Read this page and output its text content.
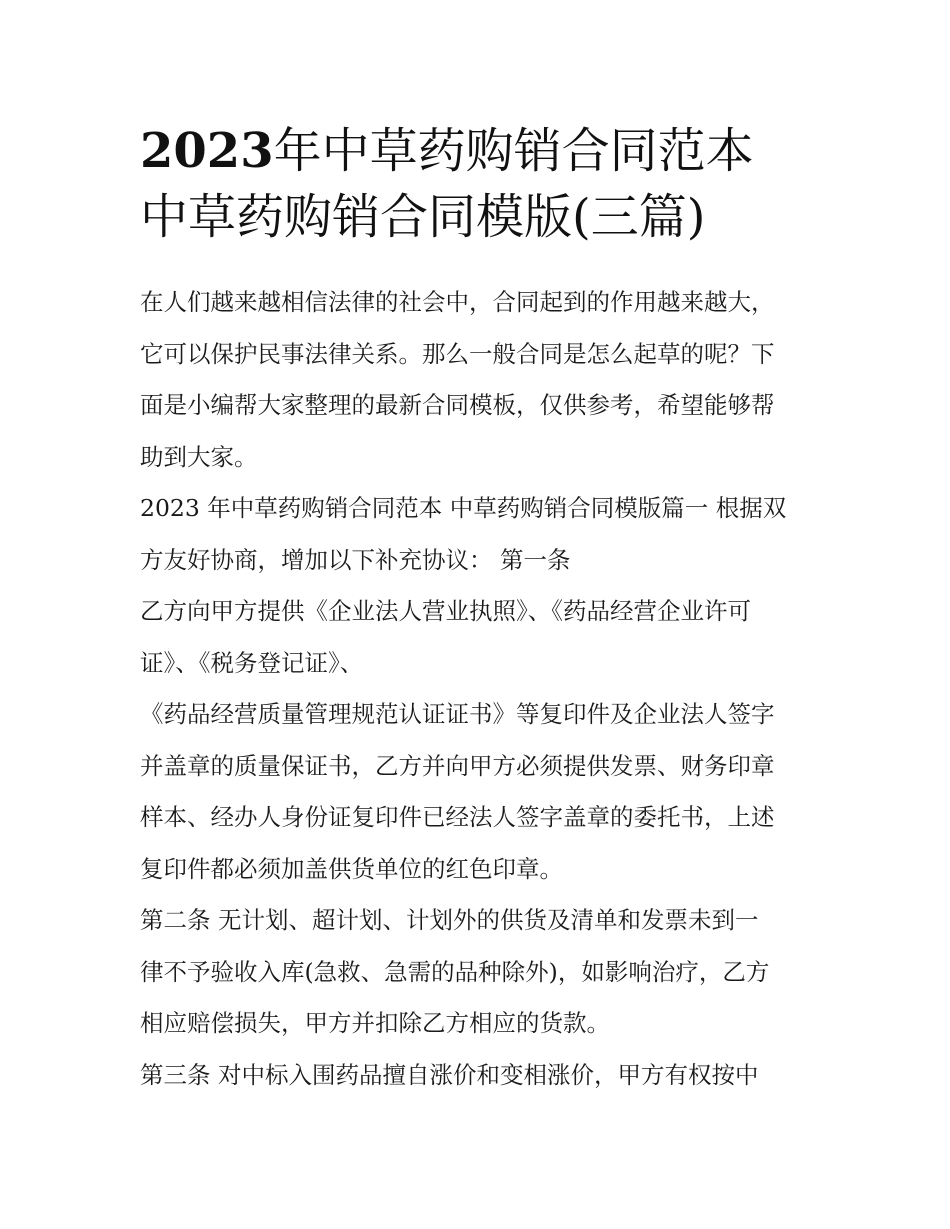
2023年中草药购销合同范本
中草药购销合同模版(三篇)

在人们越来越相信法律的社会中，合同起到的作用越来越大，
它可以保护民事法律关系。那么一般合同是怎么起草的呢？下
面是小编帮大家整理的最新合同模板，仅供参考，希望能够帮
助到大家。

2023 年中草药购销合同范本 中草药购销合同模版篇一 根据双
方友好协商，增加以下补充协议： 第一条

乙方向甲方提供《企业法人营业执照》、《药品经营企业许可
证》、《税务登记证》、

《药品经营质量管理规范认证证书》等复印件及企业法人签字
并盖章的质量保证书，乙方并向甲方必须提供发票、财务印章
样本、经办人身份证复印件已经法人签字盖章的委托书，上述
复印件都必须加盖供货单位的红色印章。

第二条 无计划、超计划、计划外的供货及清单和发票未到一
律不予验收入库(急救、急需的品种除外)，如影响治疗，乙方
相应赔偿损失，甲方并扣除乙方相应的货款。

第三条 对中标入围药品擅自涨价和变相涨价，甲方有权按中
